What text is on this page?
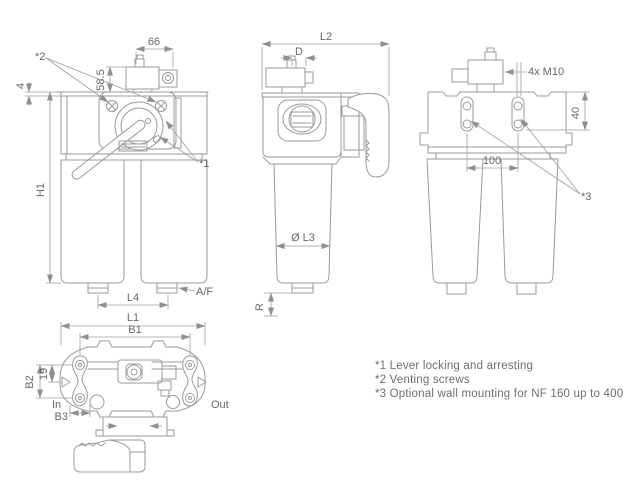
66
58.5
4
H1
L4	A/F
*2
*1
L2
D
Ø L3
R
4x M10
40
100
*3
L1
B1
B2
19
In	Out
B3
*1 Lever locking and arresting
*2 Venting screws
*3 Optional wall mounting for NF 160 up to 400
